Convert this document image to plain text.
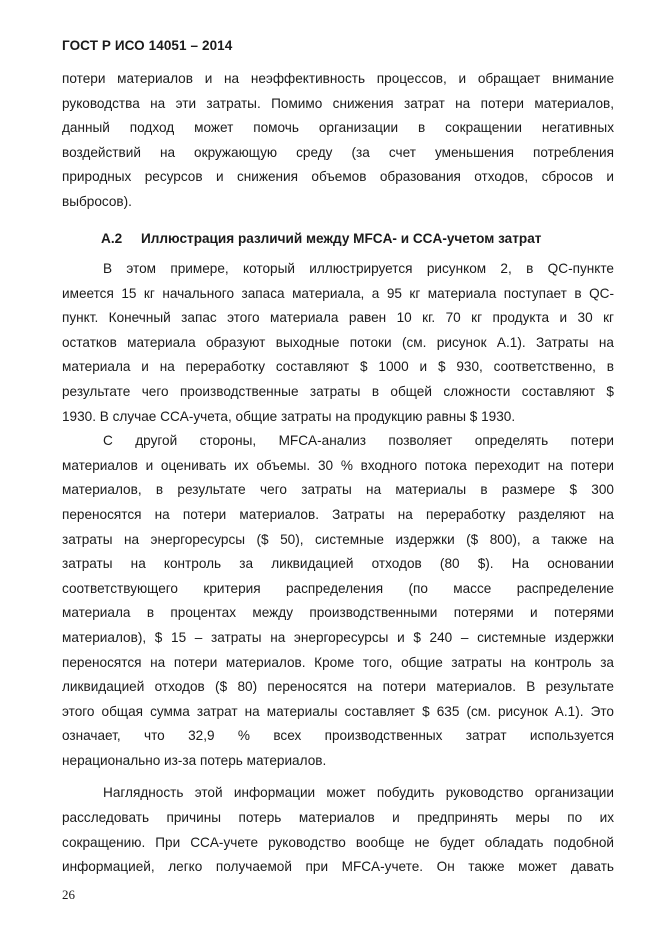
ГОСТ Р ИСО 14051 – 2014
потери материалов и на неэффективность процессов, и обращает внимание
руководства на эти затраты. Помимо снижения затрат на потери материалов,
данный подход может помочь организации в сокращении негативных
воздействий на окружающую среду (за счет уменьшения потребления
природных ресурсов и снижения объемов образования отходов, сбросов и
выбросов).
А.2 Иллюстрация различий между MFCA- и CCA-учетом затрат
В этом примере, который иллюстрируется рисунком 2, в QC-пункте
имеется 15 кг начального запаса материала, а 95 кг материала поступает в QC-
пункт. Конечный запас этого материала равен 10 кг. 70 кг продукта и 30 кг
остатков материала образуют выходные потоки (см. рисунок А.1). Затраты на
материала и на переработку составляют $ 1000 и $ 930, соответственно, в
результате чего производственные затраты в общей сложности составляют $
1930. В случае CCA-учета, общие затраты на продукцию равны $ 1930.
С другой стороны, MFCA-анализ позволяет определять потери
материалов и оценивать их объемы. 30 % входного потока переходит на потери
материалов, в результате чего затраты на материалы в размере $ 300
переносятся на потери материалов. Затраты на переработку разделяют на
затраты на энергоресурсы ($ 50), системные издержки ($ 800), а также на
затраты на контроль за ликвидацией отходов (80 $). На основании
соответствующего критерия распределения (по массе распределение
материала в процентах между производственными потерями и потерями
материалов), $ 15 – затраты на энергоресурсы и $ 240 – системные издержки
переносятся на потери материалов. Кроме того, общие затраты на контроль за
ликвидацией отходов ($ 80) переносятся на потери материалов. В результате
этого общая сумма затрат на материалы составляет $ 635 (см. рисунок А.1). Это
означает, что 32,9 % всех производственных затрат используется
нерационально из-за потерь материалов.
Наглядность этой информации может побудить руководство организации
расследовать причины потерь материалов и предпринять меры по их
сокращению. При CCA-учете руководство вообще не будет обладать подобной
информацией, легко получаемой при MFCA-учете. Он также может давать
26
